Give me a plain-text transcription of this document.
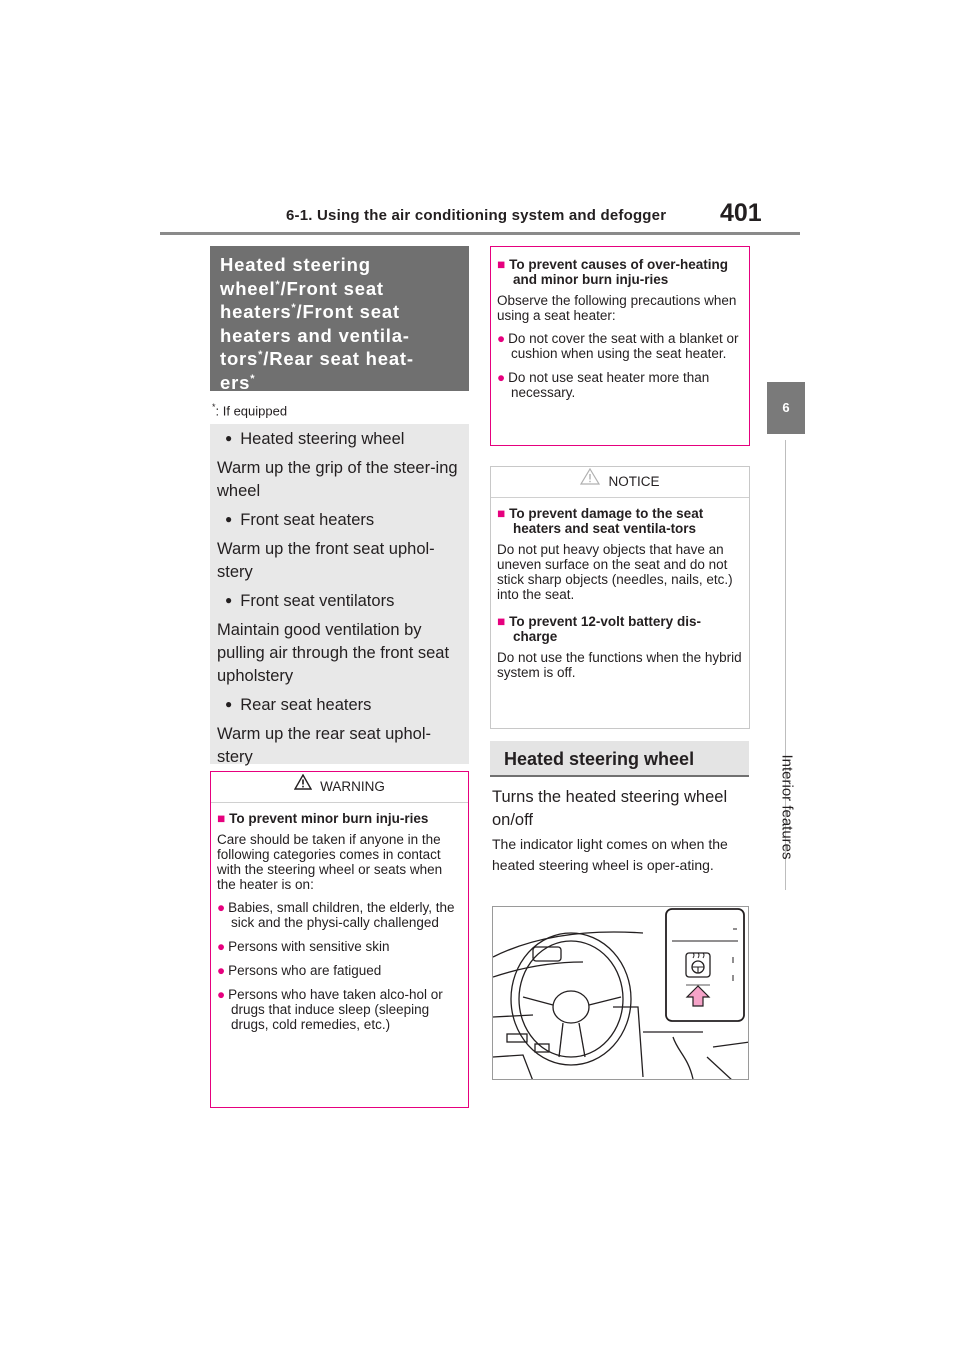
6-1. Using the air conditioning system and defogger 401
6
Interior features
Heated steering
wheel*/Front seat
heaters*/Front seat
heaters and ventila-
tors*/Rear seat heat-
ers*
*: If equipped
● Heated steering wheel
Warm up the grip of the steer-ing wheel
● Front seat heaters
Warm up the front seat uphol-stery
● Front seat ventilators
Maintain good ventilation by pulling air through the front seat upholstery
● Rear seat heaters
Warm up the rear seat uphol-stery
WARNING
■ To prevent minor burn inju-ries
Care should be taken if anyone in the following categories comes in contact with the steering wheel or seats when the heater is on:
● Babies, small children, the elderly, the sick and the physi-cally challenged
● Persons with sensitive skin
● Persons who are fatigued
● Persons who have taken alco-hol or drugs that induce sleep (sleeping drugs, cold remedies, etc.)
■ To prevent causes of over-heating and minor burn inju-ries
Observe the following precautions when using a seat heater:
● Do not cover the seat with a blanket or cushion when using the seat heater.
● Do not use seat heater more than necessary.
NOTICE
■ To prevent damage to the seat heaters and seat ventila-tors
Do not put heavy objects that have an uneven surface on the seat and do not stick sharp objects (needles, nails, etc.) into the seat.
■ To prevent 12-volt battery dis-charge
Do not use the functions when the hybrid system is off.
Heated steering wheel
Turns the heated steering wheel on/off
The indicator light comes on when the heated steering wheel is oper-ating.
